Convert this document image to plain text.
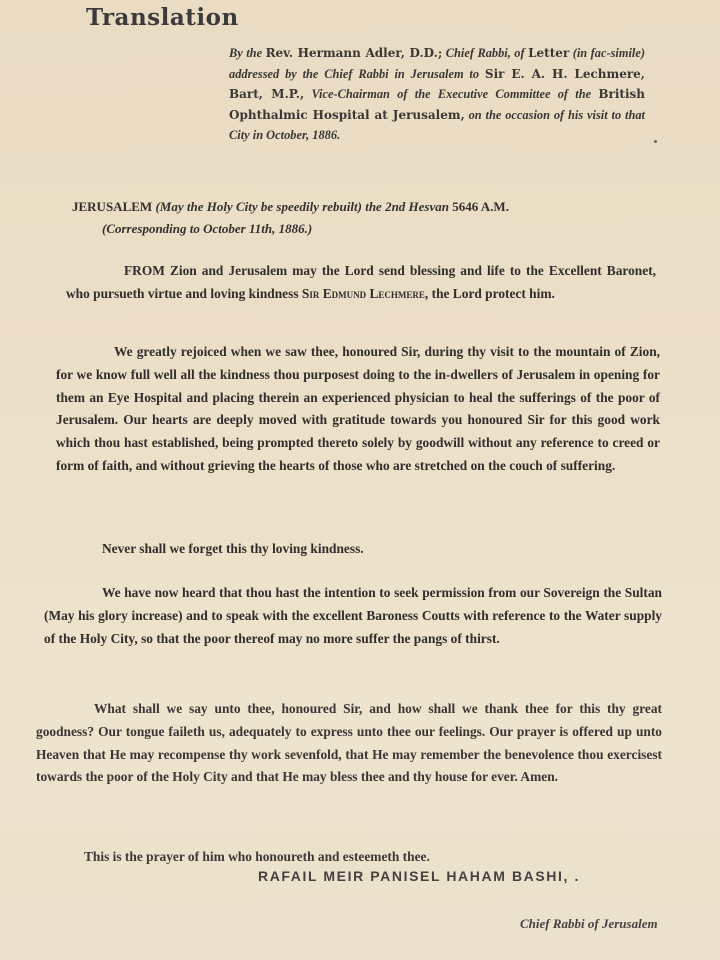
Translation
By the Rev. Hermann Adler, D.D.; Chief Rabbi, of Letter (in fac-simile) addressed by the Chief Rabbi in Jerusalem to Sir E. A. H. Lechmere, Bart, M.P., Vice-Chairman of the Executive Committee of the British Ophthalmic Hospital at Jerusalem, on the occasion of his visit to that City in October, 1886.
JERUSALEM (May the Holy City be speedily rebuilt) the 2nd Hesvan 5646 A.M.
(Corresponding to October 11th, 1886.)

FROM Zion and Jerusalem may the Lord send blessing and life to the Excellent Baronet, who pursueth virtue and loving kindness Sir Edmund Lechmere, the Lord protect him.

We greatly rejoiced when we saw thee, honoured Sir, during thy visit to the mountain of Zion, for we know full well all the kindness thou purposest doing to the in-dwellers of Jerusalem in opening for them an Eye Hospital and placing therein an experienced physician to heal the sufferings of the poor of Jerusalem. Our hearts are deeply moved with gratitude towards you honoured Sir for this good work which thou hast established, being prompted thereto solely by goodwill without any reference to creed or form of faith, and without grieving the hearts of those who are stretched on the couch of suffering.

Never shall we forget this thy loving kindness.

We have now heard that thou hast the intention to seek permission from our Sovereign the Sultan (May his glory increase) and to speak with the excellent Baroness Coutts with reference to the Water supply of the Holy City, so that the poor thereof may no more suffer the pangs of thirst.

What shall we say unto thee, honoured Sir, and how shall we thank thee for this thy great goodness? Our tongue faileth us, adequately to express unto thee our feelings. Our prayer is offered up unto Heaven that He may recompense thy work sevenfold, that He may remember the benevolence thou exercisest towards the poor of the Holy City and that He may bless thee and thy house for ever. Amen.

This is the prayer of him who honoureth and esteemeth thee.

RAFAIL MEIR PANISEL HAHAM BASHI, .
Chief Rabbi of Jerusalem
